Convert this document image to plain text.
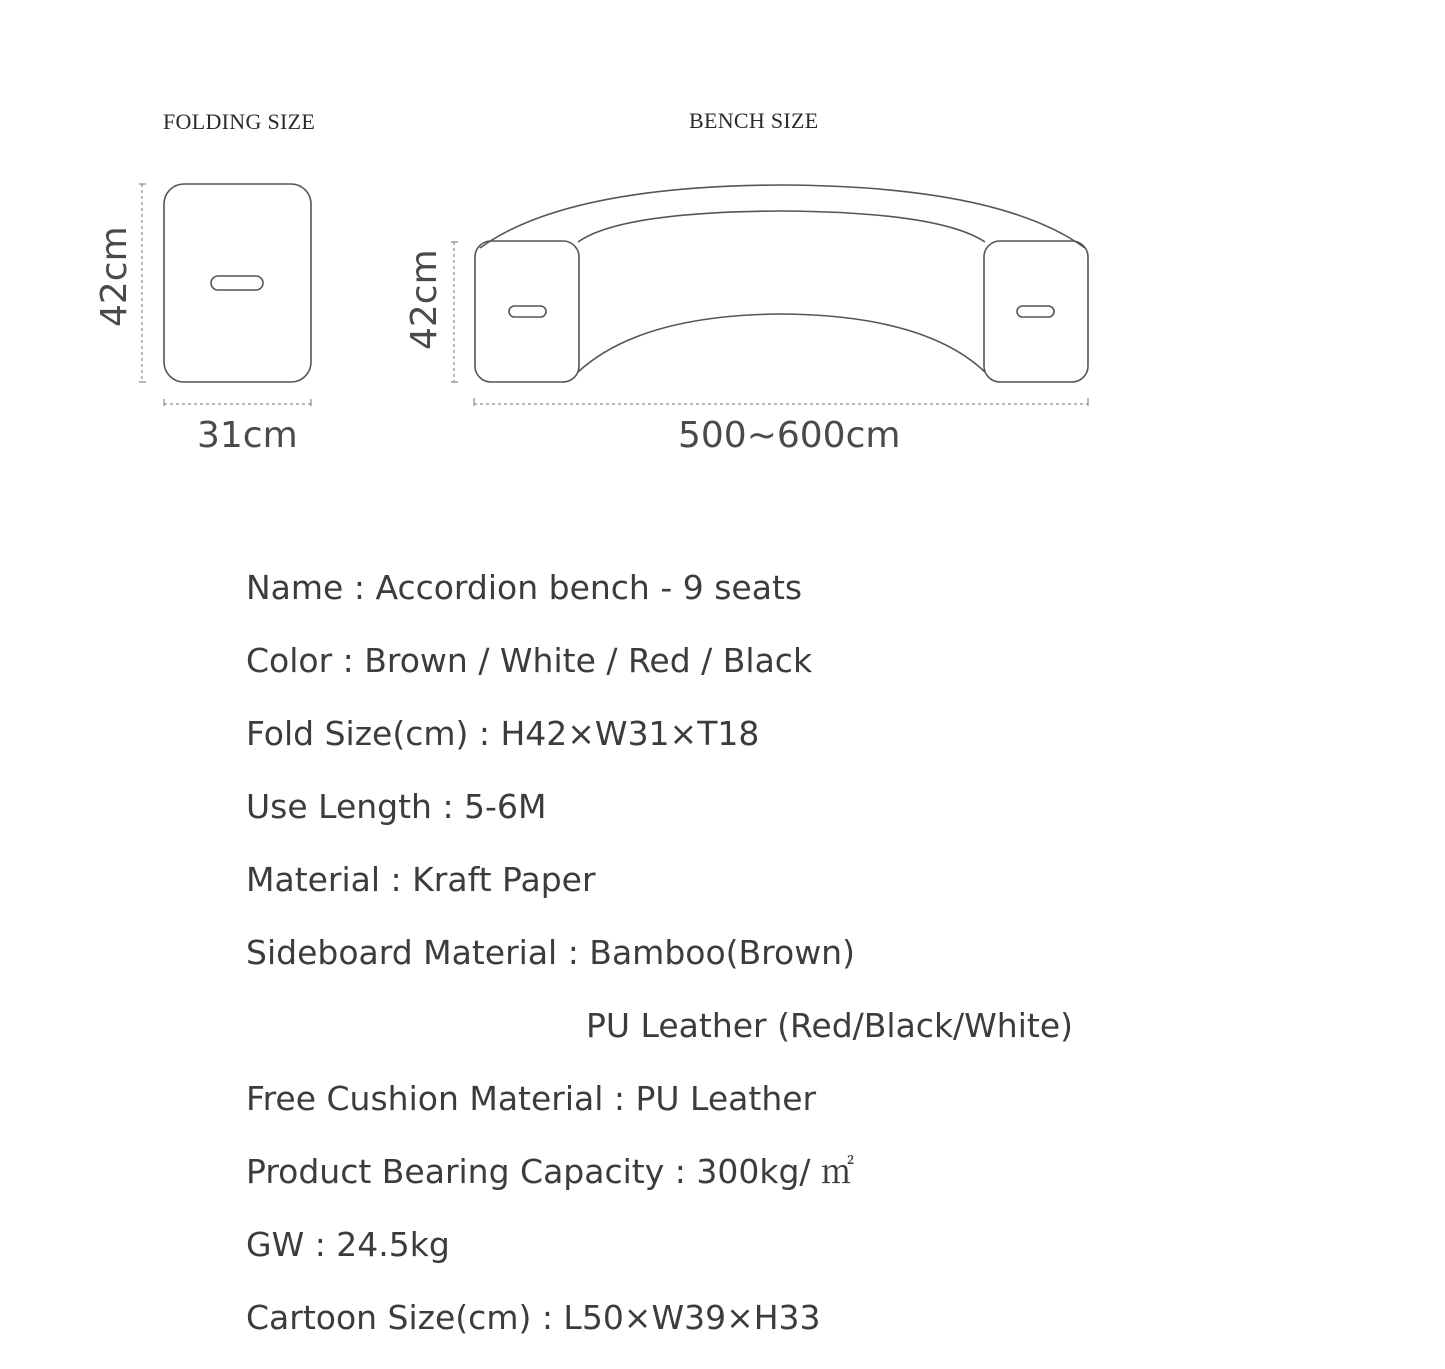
FOLDING SIZE	BENCH SIZE
42cm
31cm
42cm
500~600cm
Name : Accordion bench - 9 seats
Color : Brown / White / Red / Black
Fold Size(cm) : H42×W31×T18
Use Length : 5-6M
Material : Kraft Paper
Sideboard Material : Bamboo(Brown)
PU Leather (Red/Black/White)
Free Cushion Material : PU Leather
Product Bearing Capacity : 300kg/ ㎡
GW : 24.5kg
Cartoon Size(cm) : L50×W39×H33
